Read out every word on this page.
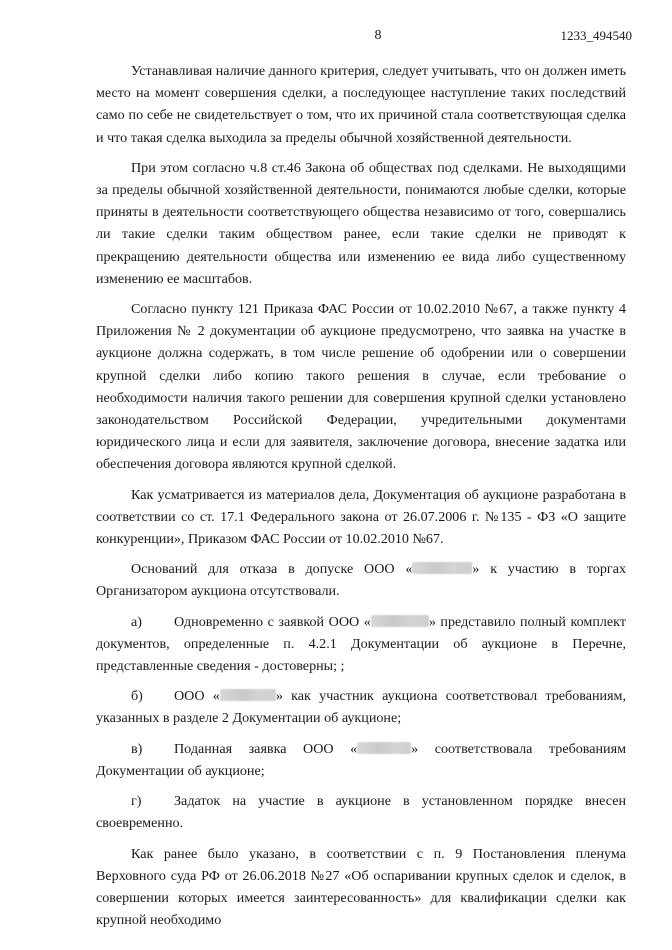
8	1233_494540

Устанавливая наличие данного критерия, следует учитывать, что он должен иметь место на момент совершения сделки, а последующее наступление таких последствий само по себе не свидетельствует о том, что их причиной стала соответствующая сделка и что такая сделка выходила за пределы обычной хозяйственной деятельности.

При этом согласно ч.8 ст.46 Закона об обществах под сделками. Не выходящими за пределы обычной хозяйственной деятельности, понимаются любые сделки, которые приняты в деятельности соответствующего общества независимо от того, совершались ли такие сделки таким обществом ранее, если такие сделки не приводят к прекращению деятельности общества или изменению ее вида либо существенному изменению ее масштабов.

Согласно пункту 121 Приказа ФАС России от 10.02.2010 №67, а также пункту 4 Приложения № 2 документации об аукционе предусмотрено, что заявка на участке в аукционе должна содержать, в том числе решение об одобрении или о совершении крупной сделки либо копию такого решения в случае, если требование о необходимости наличия такого решении для совершения крупной сделки установлено законодательством Российской Федерации, учредительными документами юридического лица и если для заявителя, заключение договора, внесение задатка или обеспечения договора являются крупной сделкой.

Как усматривается из материалов дела, Документация об аукционе разработана в соответствии со ст. 17.1 Федерального закона от 26.07.2006 г. №135 - ФЗ «О защите конкуренции», Приказом ФАС России от 10.02.2010 №67.

Оснований для отказа в допуске ООО «	» к участию в торгах Организатором аукциона отсутствовали.

а) Одновременно с заявкой ООО «	» представило полный комплект документов, определенные п. 4.2.1 Документации об аукционе в Перечне, представленные сведения - достоверны; ;

б) ООО «	» как участник аукциона соответствовал требованиям, указанных в разделе 2 Документации об аукционе;

в) Поданная заявка ООО «	» соответствовала требованиям Документации об аукционе;

г) Задаток на участие в аукционе в установленном порядке внесен своевременно.

Как ранее было указано, в соответствии с п. 9 Постановления пленума Верховного суда РФ от 26.06.2018 №27 «Об оспаривании крупных сделок и сделок, в совершении которых имеется заинтересованность» для квалификации сделки как крупной необходимо
